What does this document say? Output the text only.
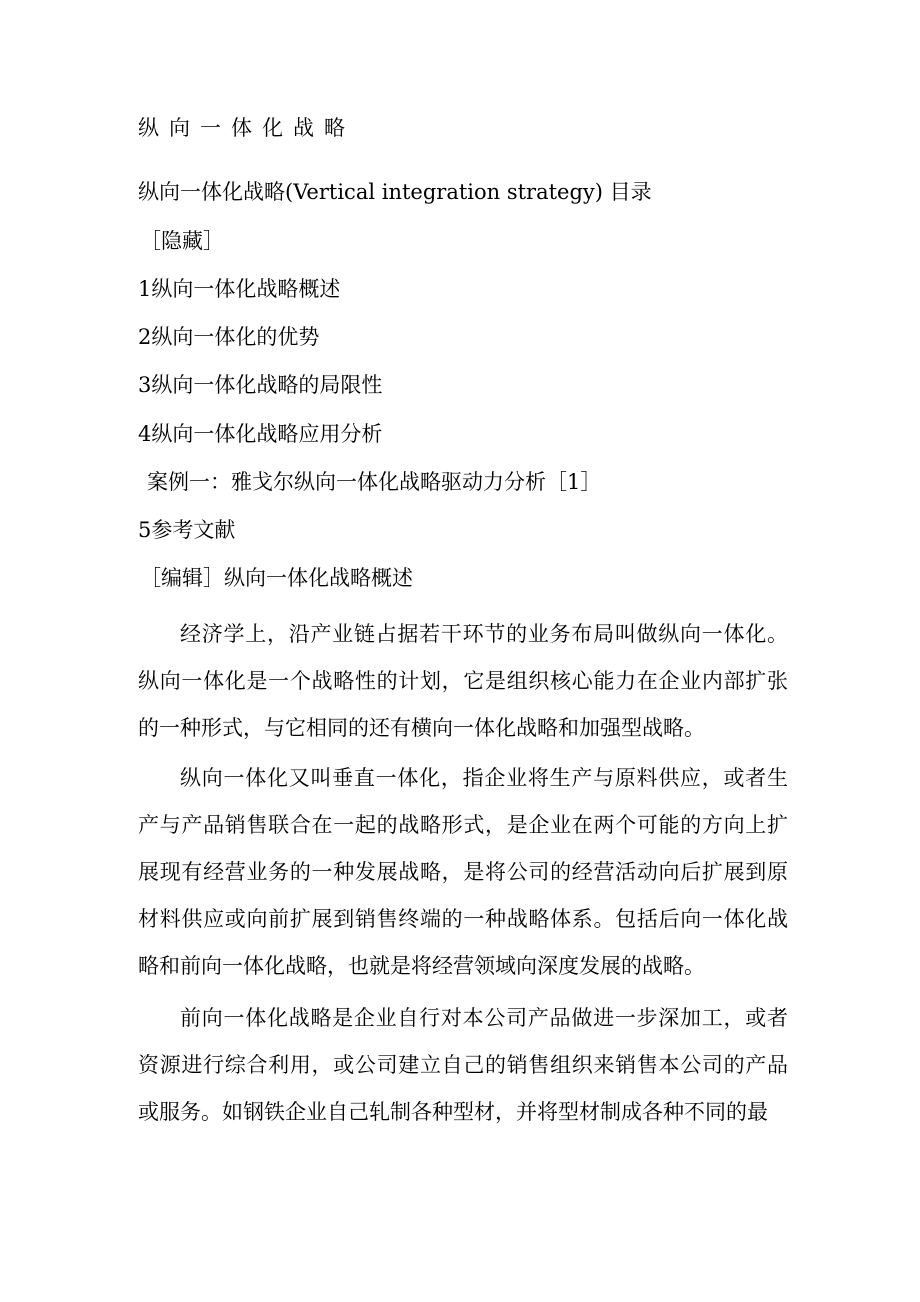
纵向一体化战略
纵向一体化战略(Vertical integration strategy) 目录
［隐藏］
1纵向一体化战略概述
2纵向一体化的优势
3纵向一体化战略的局限性
4纵向一体化战略应用分析
案例一：雅戈尔纵向一体化战略驱动力分析［1］
5参考文献
［编辑］纵向一体化战略概述

经济学上，沿产业链占据若干环节的业务布局叫做纵向一体化。纵向一体化是一个战略性的计划，它是组织核心能力在企业内部扩张的一种形式，与它相同的还有横向一体化战略和加强型战略。

纵向一体化又叫垂直一体化，指企业将生产与原料供应，或者生产与产品销售联合在一起的战略形式，是企业在两个可能的方向上扩展现有经营业务的一种发展战略，是将公司的经营活动向后扩展到原材料供应或向前扩展到销售终端的一种战略体系。包括后向一体化战略和前向一体化战略，也就是将经营领域向深度发展的战略。

前向一体化战略是企业自行对本公司产品做进一步深加工，或者资源进行综合利用，或公司建立自己的销售组织来销售本公司的产品或服务。如钢铁企业自己轧制各种型材，并将型材制成各种不同的最
